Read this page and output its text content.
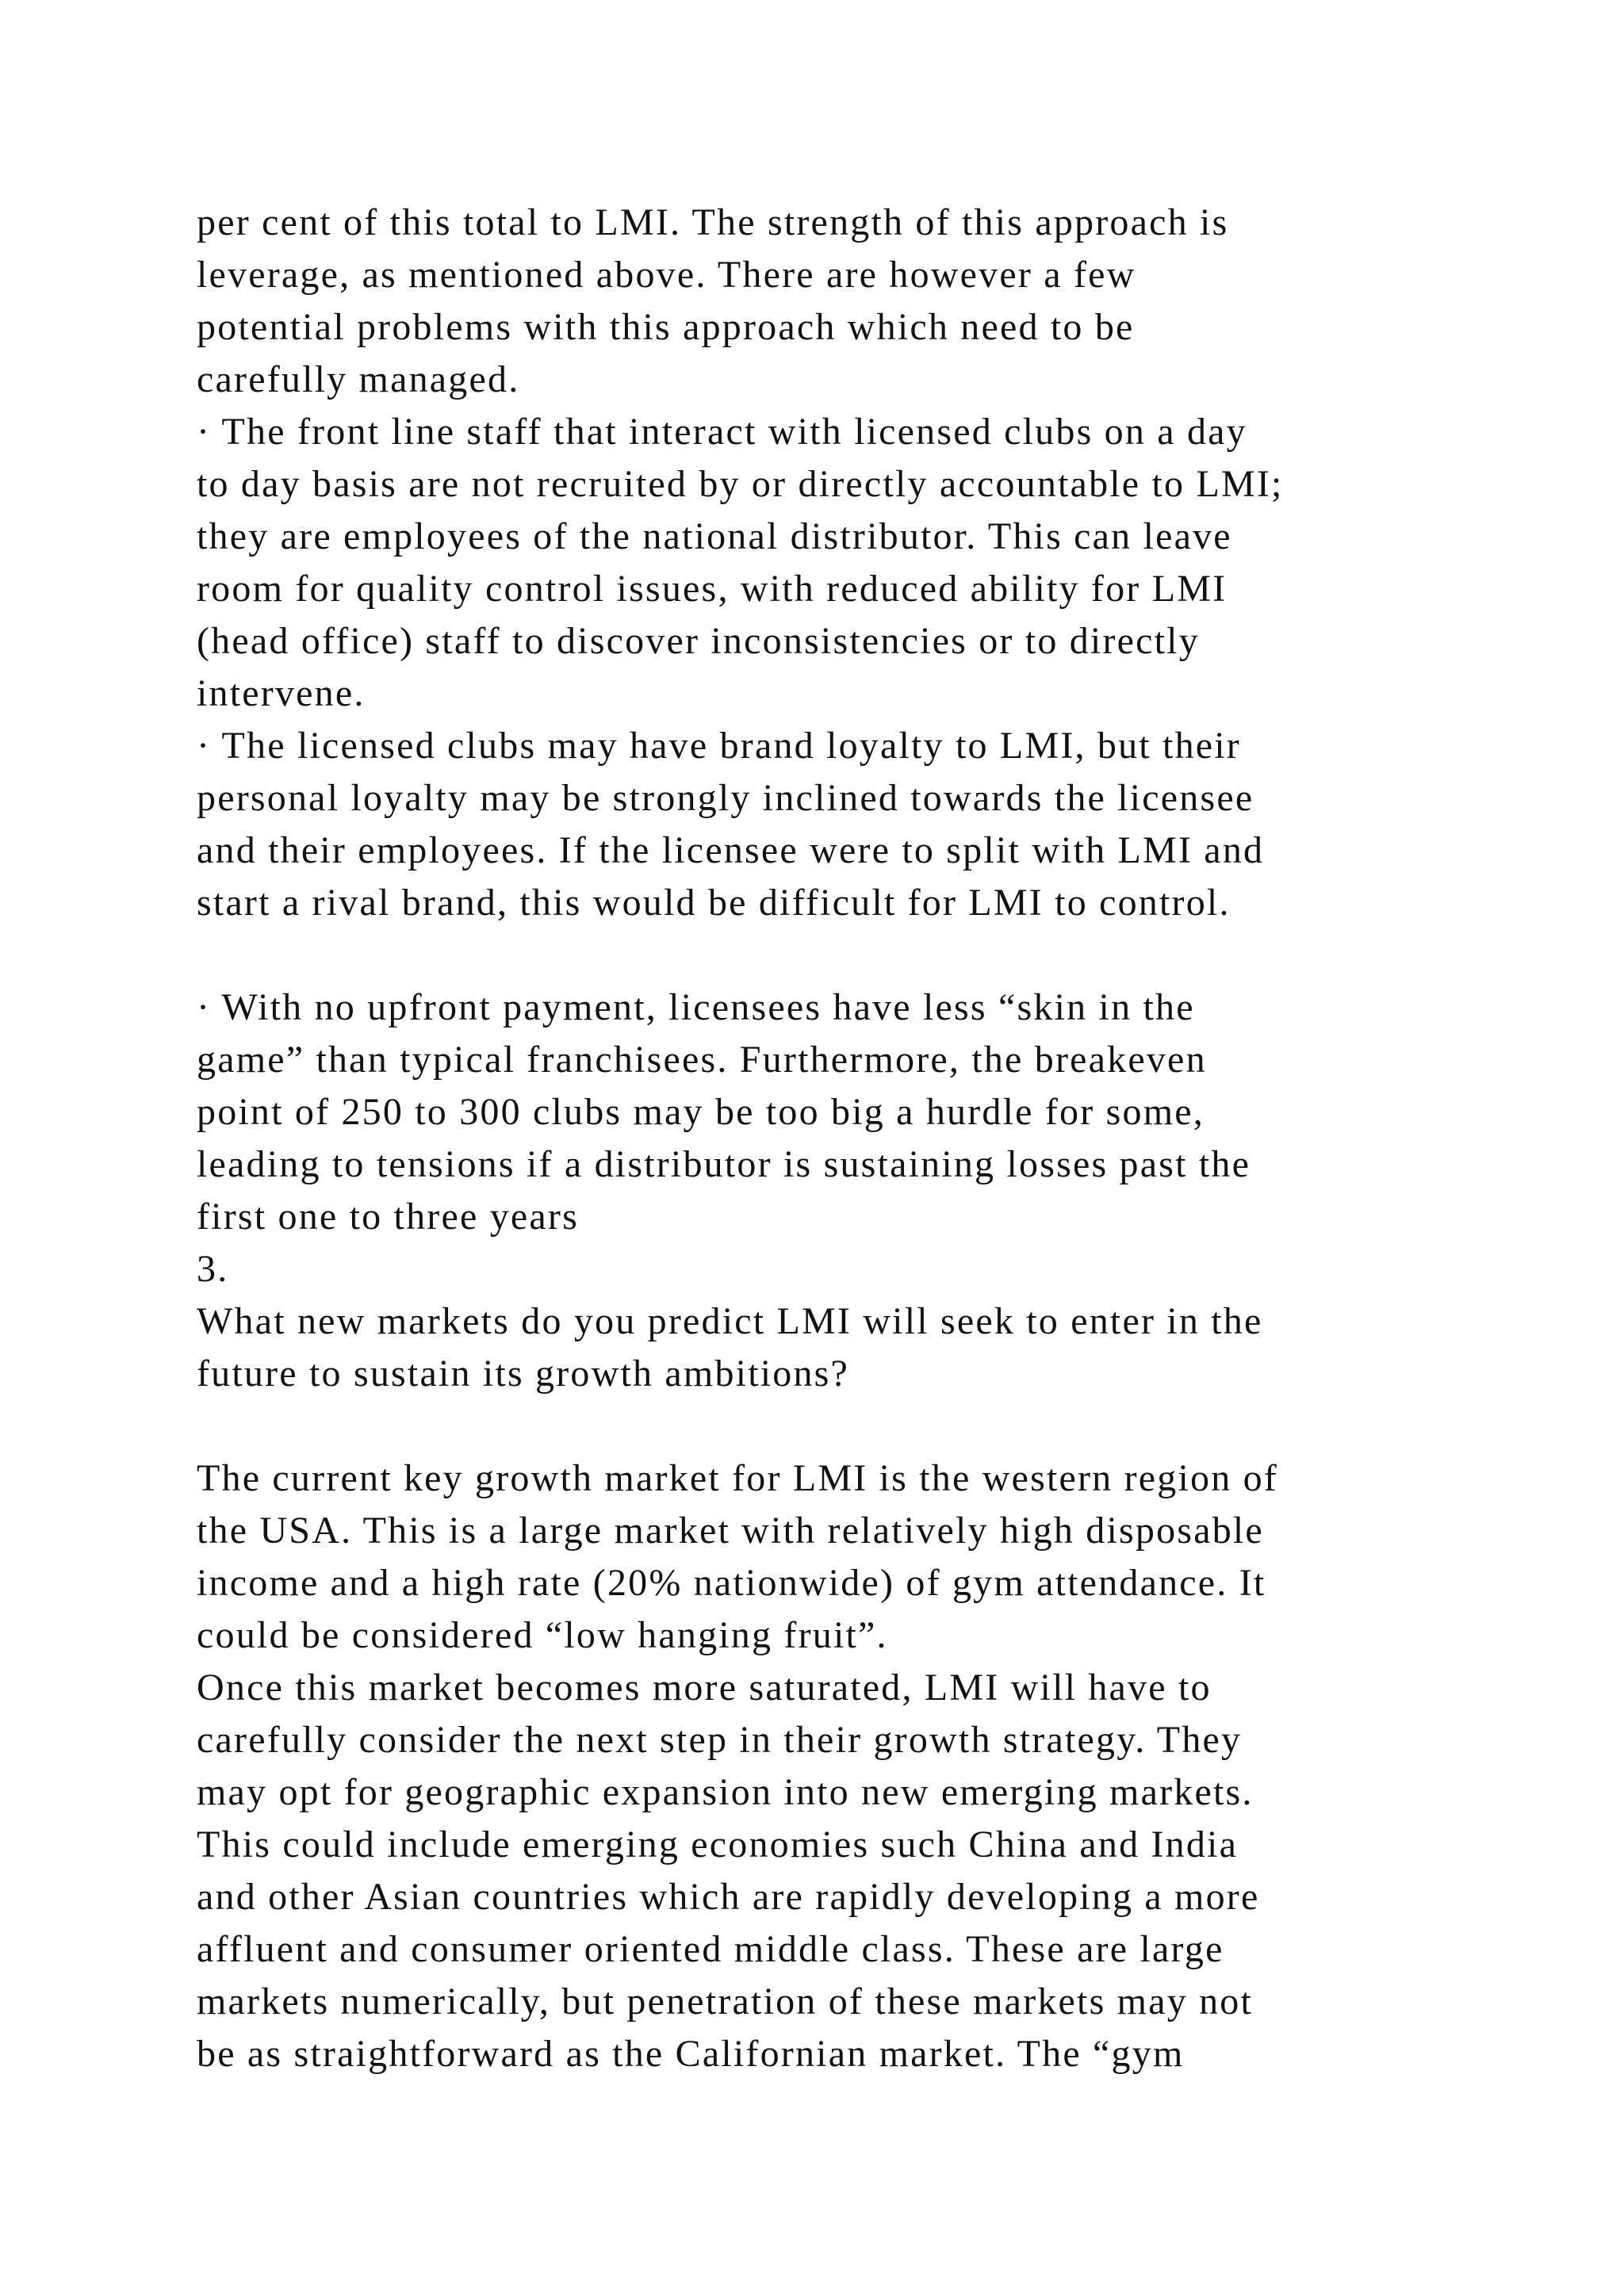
per cent of this total to LMI. The strength of this approach is
leverage, as mentioned above. There are however a few
potential problems with this approach which need to be
carefully managed.
· The front line staff that interact with licensed clubs on a day
to day basis are not recruited by or directly accountable to LMI;
they are employees of the national distributor. This can leave
room for quality control issues, with reduced ability for LMI
(head office) staff to discover inconsistencies or to directly
intervene.
· The licensed clubs may have brand loyalty to LMI, but their
personal loyalty may be strongly inclined towards the licensee
and their employees. If the licensee were to split with LMI and
start a rival brand, this would be difficult for LMI to control.
· With no upfront payment, licensees have less “skin in the
game” than typical franchisees. Furthermore, the breakeven
point of 250 to 300 clubs may be too big a hurdle for some,
leading to tensions if a distributor is sustaining losses past the
first one to three years
3.
What new markets do you predict LMI will seek to enter in the
future to sustain its growth ambitions?
The current key growth market for LMI is the western region of
the USA. This is a large market with relatively high disposable
income and a high rate (20% nationwide) of gym attendance. It
could be considered “low hanging fruit”.
Once this market becomes more saturated, LMI will have to
carefully consider the next step in their growth strategy. They
may opt for geographic expansion into new emerging markets.
This could include emerging economies such China and India
and other Asian countries which are rapidly developing a more
affluent and consumer oriented middle class. These are large
markets numerically, but penetration of these markets may not
be as straightforward as the Californian market. The “gym
